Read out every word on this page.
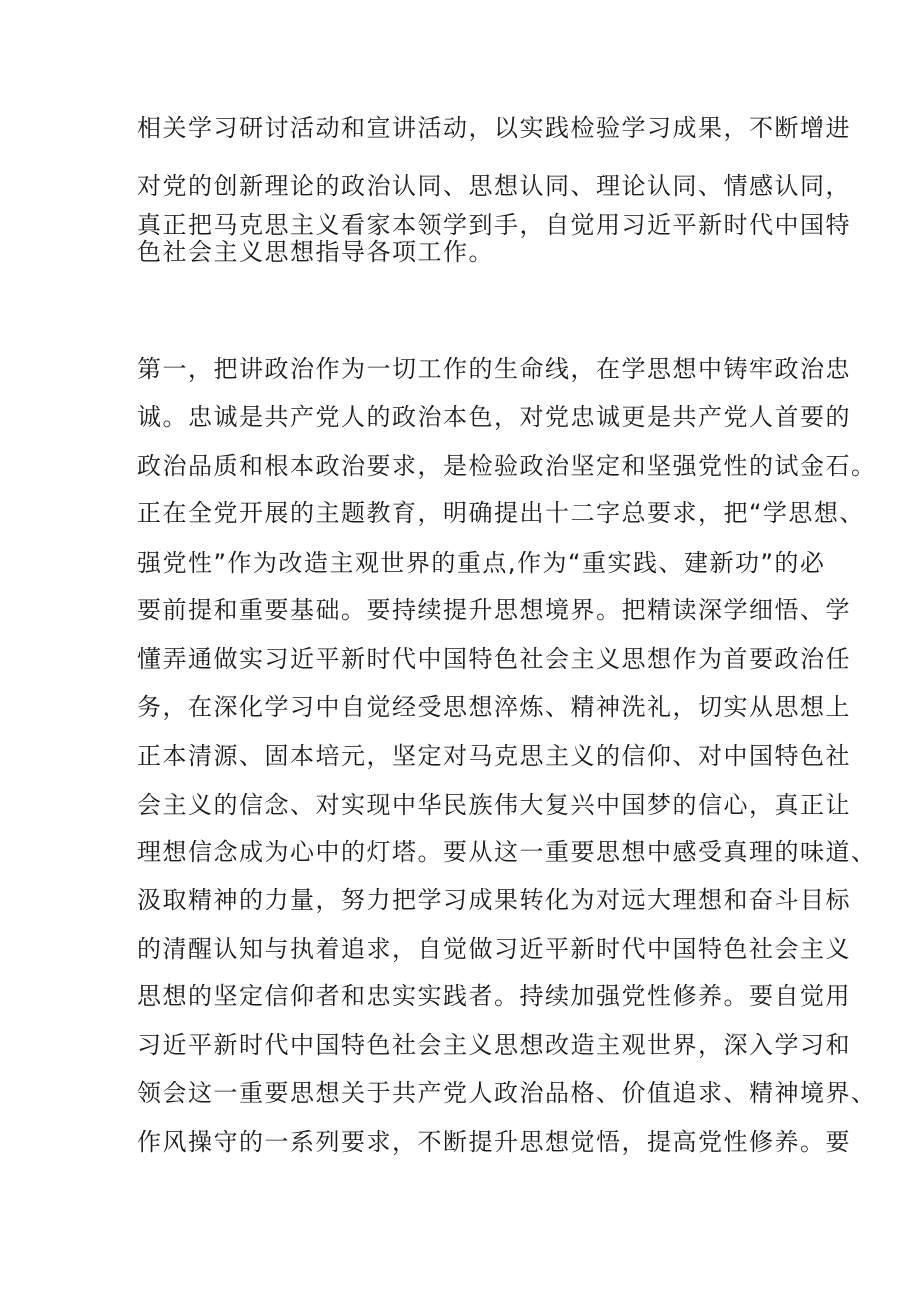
相关学习研讨活动和宣讲活动，以实践检验学习成果，不断增进
对党的创新理论的政治认同、思想认同、理论认同、情感认同，
真正把马克思主义看家本领学到手，自觉用习近平新时代中国特
色社会主义思想指导各项工作。
第一，把讲政治作为一切工作的生命线，在学思想中铸牢政治忠
诚。忠诚是共产党人的政治本色，对党忠诚更是共产党人首要的
政治品质和根本政治要求，是检验政治坚定和坚强党性的试金石。
正在全党开展的主题教育，明确提出十二字总要求，把“学思想、
强党性”作为改造主观世界的重点,作为“重实践、建新功”的必
要前提和重要基础。要持续提升思想境界。把精读深学细悟、学
懂弄通做实习近平新时代中国特色社会主义思想作为首要政治任
务，在深化学习中自觉经受思想淬炼、精神洗礼，切实从思想上
正本清源、固本培元，坚定对马克思主义的信仰、对中国特色社
会主义的信念、对实现中华民族伟大复兴中国梦的信心，真正让
理想信念成为心中的灯塔。要从这一重要思想中感受真理的味道、
汲取精神的力量，努力把学习成果转化为对远大理想和奋斗目标
的清醒认知与执着追求，自觉做习近平新时代中国特色社会主义
思想的坚定信仰者和忠实实践者。持续加强党性修养。要自觉用
习近平新时代中国特色社会主义思想改造主观世界，深入学习和
领会这一重要思想关于共产党人政治品格、价值追求、精神境界、
作风操守的一系列要求，不断提升思想觉悟，提高党性修养。要
